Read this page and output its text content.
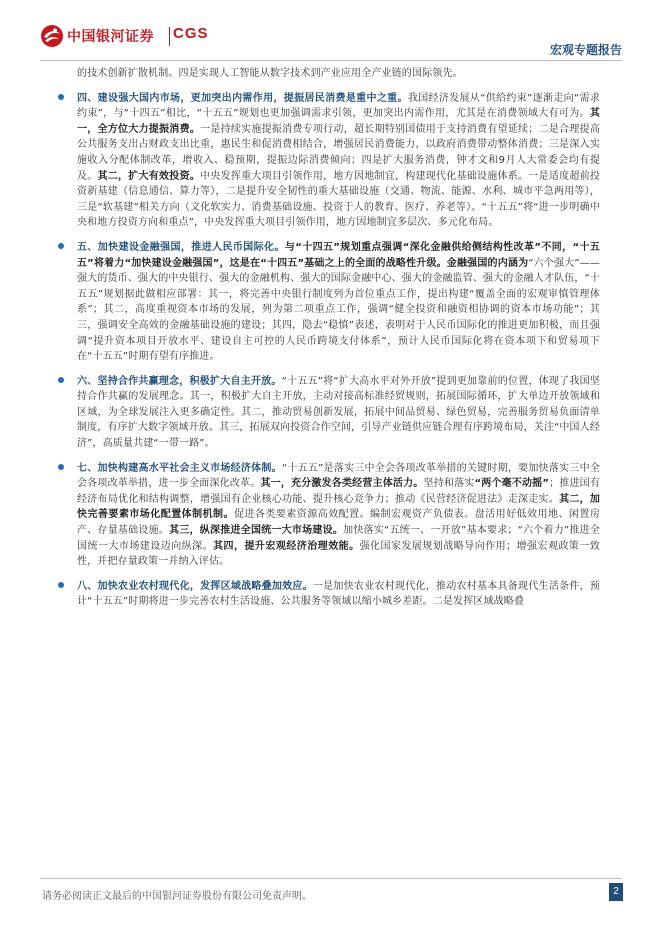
中国银河证券 CGS
宏观专题报告
的技术创新扩散机制。四是实现人工智能从数字技术到产业应用全产业链的国际领先。
四、建设强大国内市场，更加突出内需作用，提振居民消费是重中之重。我国经济发展从“供给约束”逐渐走向“需求约束”，与“十四五”相比，“十五五”规划也更加强调需求引领，更加突出内需作用，尤其是在消费领域大有可为。其一，全方位大力提振消费。一是持续实施提振消费专项行动，超长期特别国债用于支持消费有望延续；二是合理提高公共服务支出占财政支出比重，惠民生和促消费相结合，增强居民消费能力，以政府消费带动整体消费；三是深入实施收入分配体制改革，增收入、稳预期，提振边际消费倾向；四是扩大服务消费，钟才文和9月人大常委会均有提及。其二，扩大有效投资。中央发挥重大项目引领作用，地方因地制宜，构建现代化基础设施体系。一是适度超前投资新基建（信息通信、算力等），二是提升安全韧性的重大基础设施（交通、物流、能源、水利、城市平急两用等），三是“软基建”相关方向（文化软实力、消费基础设施、投资于人的教育、医疗、养老等）。“十五五”将“进一步明确中央和地方投资方向和重点”，中央发挥重大项目引领作用，地方因地制宜多层次、多元化布局。
五、加快建设金融强国，推进人民币国际化。与“十四五”规划重点强调“深化金融供给侧结构性改革”不同，“十五五”将着力“加快建设金融强国”，这是在“十四五”基础之上的全面的战略性升级。金融强国的内涵为“六个强大”——强大的货币、强大的中央银行、强大的金融机构、强大的国际金融中心、强大的金融监管、强大的金融人才队伍，“十五五”规划据此做相应部署：其一，将完善中央银行制度列为首位重点工作，提出构建“覆盖全面的宏观审慎管理体系”；其二，高度重视资本市场的发展，列为第二项重点工作，强调“健全投资和融资相协调的资本市场功能”；其三，强调安全高效的金融基础设施的建设；其四，隐去“稳慎”表述，表明对于人民币国际化的推进更加积极，而且强调“提升资本项目开放水平、建设自主可控的人民币跨境支付体系”，预计人民币国际化将在资本项下和贸易项下在“十五五”时期有望有序推进。
六、坚持合作共赢理念，积极扩大自主开放。“十五五”将“扩大高水平对外开放”提到更加靠前的位置，体现了我国坚持合作共赢的发展理念。其一，积极扩大自主开放，主动对接高标准经贸规则，拓展国际循环，扩大单边开放领域和区域，为全球发展注入更多确定性。其二，推动贸易创新发展，拓展中间品贸易、绿色贸易，完善服务贸易负面清单制度，有序扩大数字领域开放。其三，拓展双向投资合作空间，引导产业链供应链合理有序跨境布局，关注“中国人经济”，高质量共建“一带一路”。
七、加快构建高水平社会主义市场经济体制。“十五五”是落实三中全会各项改革举措的关键时期，要加快落实三中全会各项改革举措，进一步全面深化改革。其一，充分激发各类经营主体活力。坚持和落实“两个毫不动摇”；推进国有经济布局优化和结构调整，增强国有企业核心功能、提升核心竞争力；推动《民营经济促进法》走深走实。其二，加快完善要素市场化配置体制机制。促进各类要素资源高效配置。编制宏观资产负债表。盘活用好低效用地、闲置房产、存量基础设施。其三，纵深推进全国统一大市场建设。加快落实“五统一、一开放”基本要求；“六个着力”推进全国统一大市场建设迈向纵深。其四，提升宏观经济治理效能。强化国家发展规划战略导向作用；增强宏观政策一致性，并把存量政策一并纳入评估。
八、加快农业农村现代化，发挥区域战略叠加效应。一是加快农业农村现代化，推动农村基本具备现代生活条件，预计“十五五”时期将进一步完善农村生活设施、公共服务等领域以缩小城乡差距。二是发挥区域战略叠
请务必阅读正文最后的中国银河证券股份有限公司免责声明。	2
